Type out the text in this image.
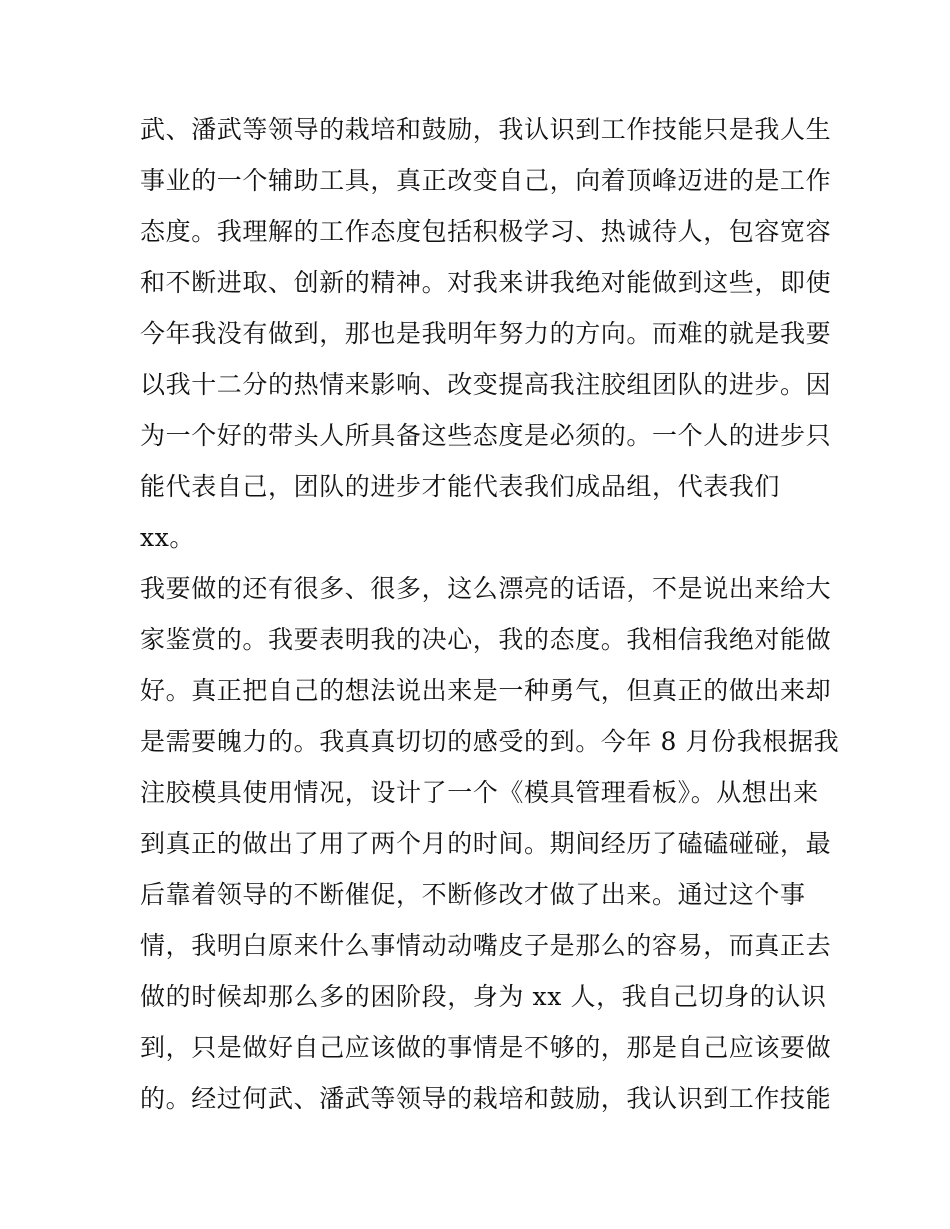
武、潘武等领导的栽培和鼓励，我认识到工作技能只是我人生
事业的一个辅助工具，真正改变自己，向着顶峰迈进的是工作
态度。我理解的工作态度包括积极学习、热诚待人，包容宽容
和不断进取、创新的精神。对我来讲我绝对能做到这些，即使
今年我没有做到，那也是我明年努力的方向。而难的就是我要
以我十二分的热情来影响、改变提高我注胶组团队的进步。因
为一个好的带头人所具备这些态度是必须的。一个人的进步只
能代表自己，团队的进步才能代表我们成品组，代表我们
xx。
我要做的还有很多、很多，这么漂亮的话语，不是说出来给大
家鉴赏的。我要表明我的决心，我的态度。我相信我绝对能做
好。真正把自己的想法说出来是一种勇气，但真正的做出来却
是需要魄力的。我真真切切的感受的到。今年 8 月份我根据我
注胶模具使用情况，设计了一个《模具管理看板》。从想出来
到真正的做出了用了两个月的时间。期间经历了磕磕碰碰，最
后靠着领导的不断催促，不断修改才做了出来。通过这个事
情，我明白原来什么事情动动嘴皮子是那么的容易，而真正去
做的时候却那么多的困阶段，身为 xx 人，我自己切身的认识
到，只是做好自己应该做的事情是不够的，那是自己应该要做
的。经过何武、潘武等领导的栽培和鼓励，我认识到工作技能
